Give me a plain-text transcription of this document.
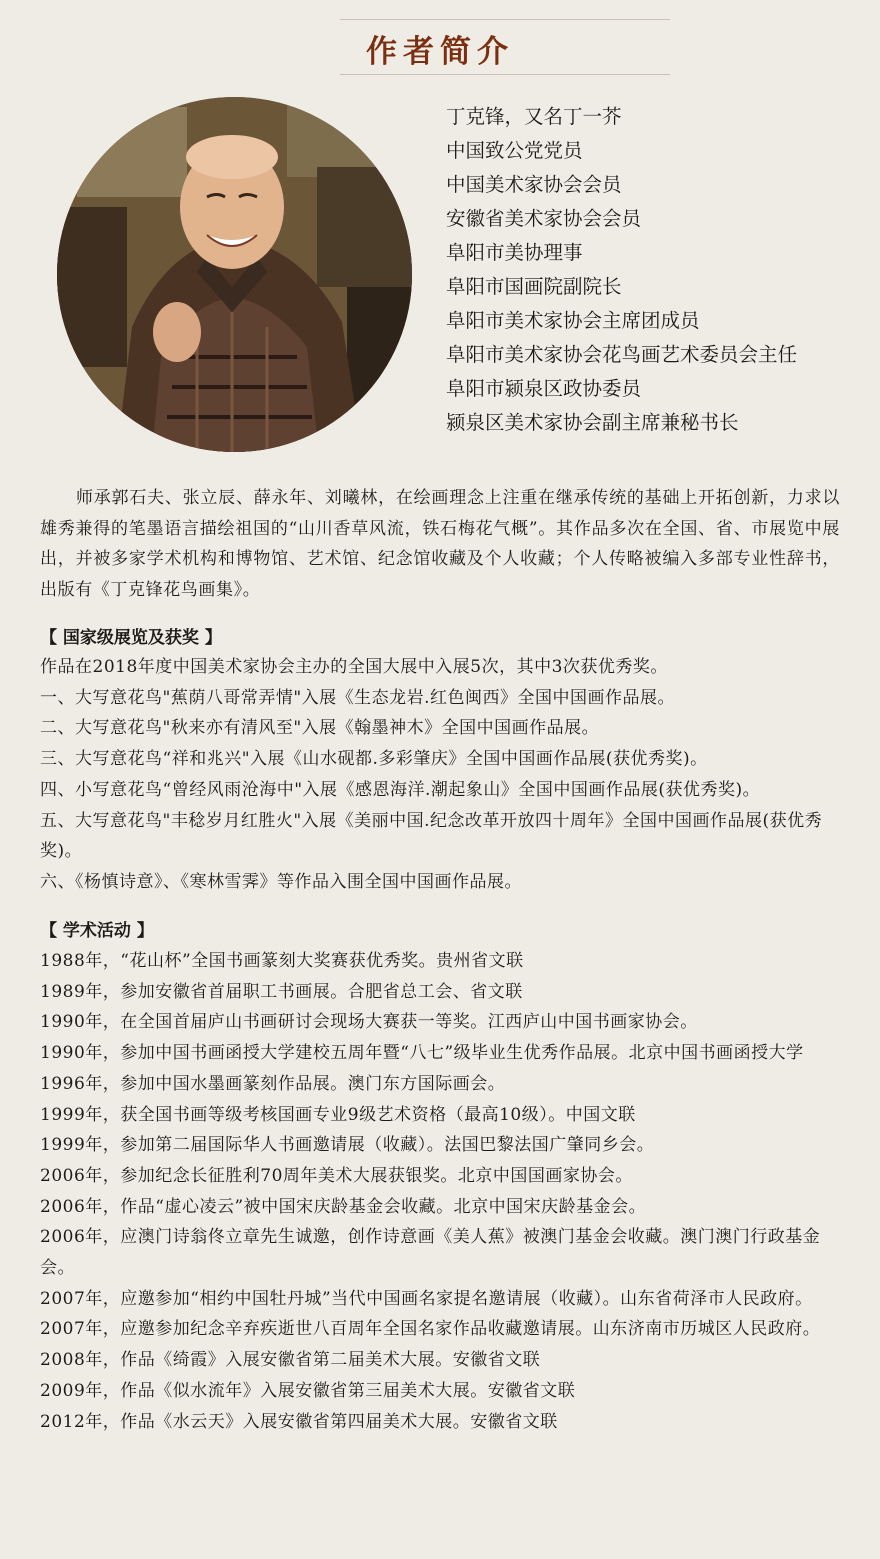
作者简介
丁克锋，又名丁一芥
中国致公党党员
中国美术家协会会员
安徽省美术家协会会员
阜阳市美协理事
阜阳市国画院副院长
阜阳市美术家协会主席团成员
阜阳市美术家协会花鸟画艺术委员会主任
阜阳市颍泉区政协委员
颍泉区美术家协会副主席兼秘书长

师承郭石夫、张立辰、薛永年、刘曦林，在绘画理念上注重在继承传统的基础上开拓创新，力求以雄秀兼得的笔墨语言描绘祖国的“山川香草风流，铁石梅花气概”。其作品多次在全国、省、市展览中展出，并被多家学术机构和博物馆、艺术馆、纪念馆收藏及个人收藏；个人传略被编入多部专业性辞书，出版有《丁克锋花鸟画集》。

【 国家级展览及获奖 】
作品在2018年度中国美术家协会主办的全国大展中入展5次，其中3次获优秀奖。
一、大写意花鸟"蕉荫八哥常弄情"入展《生态龙岩.红色闽西》全国中国画作品展。
二、大写意花鸟"秋来亦有清风至"入展《翰墨神木》全国中国画作品展。
三、大写意花鸟“祥和兆兴"入展《山水砚都.多彩肇庆》全国中国画作品展(获优秀奖)。
四、小写意花鸟“曾经风雨沧海中"入展《感恩海洋.潮起象山》全国中国画作品展(获优秀奖)。
五、大写意花鸟"丰稔岁月红胜火"入展《美丽中国.纪念改革开放四十周年》全国中国画作品展(获优秀奖)。
六、《杨慎诗意》、《寒林雪霁》等作品入围全国中国画作品展。
【 学术活动 】
1988年，“花山杯”全国书画篆刻大奖赛获优秀奖。贵州省文联
1989年，参加安徽省首届职工书画展。合肥省总工会、省文联
1990年，在全国首届庐山书画研讨会现场大赛获一等奖。江西庐山中国书画家协会。
1990年，参加中国书画函授大学建校五周年暨“八七”级毕业生优秀作品展。北京中国书画函授大学
1996年，参加中国水墨画篆刻作品展。澳门东方国际画会。
1999年，获全国书画等级考核国画专业9级艺术资格（最高10级）。中国文联
1999年，参加第二届国际华人书画邀请展（收藏）。法国巴黎法国广肇同乡会。
2006年，参加纪念长征胜利70周年美术大展获银奖。北京中国国画家协会。
2006年，作品“虚心凌云”被中国宋庆龄基金会收藏。北京中国宋庆龄基金会。
2006年，应澳门诗翁佟立章先生诚邀，创作诗意画《美人蕉》被澳门基金会收藏。澳门澳门行政基金会。
2007年，应邀参加“相约中国牡丹城”当代中国画名家提名邀请展（收藏）。山东省荷泽市人民政府。
2007年，应邀参加纪念辛弃疾逝世八百周年全国名家作品收藏邀请展。山东济南市历城区人民政府。
2008年，作品《绮霞》入展安徽省第二届美术大展。安徽省文联
2009年，作品《似水流年》入展安徽省第三届美术大展。安徽省文联
2012年，作品《水云天》入展安徽省第四届美术大展。安徽省文联
